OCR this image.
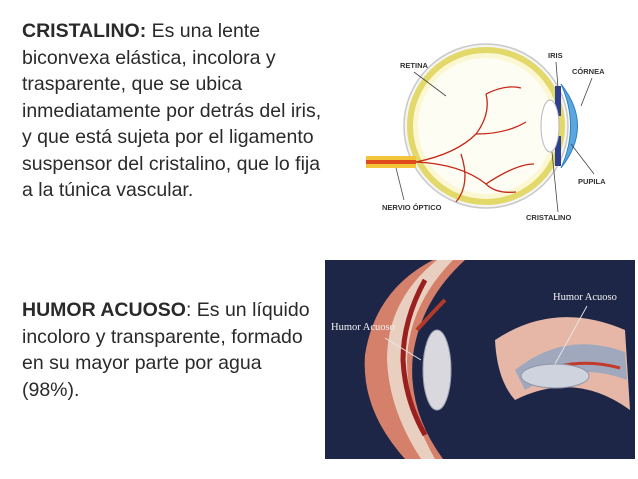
CRISTALINO: Es una lente biconvexa elástica, incolora y trasparente, que se ubica inmediatamente por detrás del iris, y que está sujeta por el ligamento suspensor del cristalino, que lo fija a la túnica vascular.
HUMOR ACUOSO: Es un líquido incoloro y transparente, formado en su mayor parte por agua (98%).
RETINA
IRIS
CÓRNEA
PUPILA
NERVIO ÓPTICO
CRISTALINO
Humor Acuoso
Humor Acuoso
